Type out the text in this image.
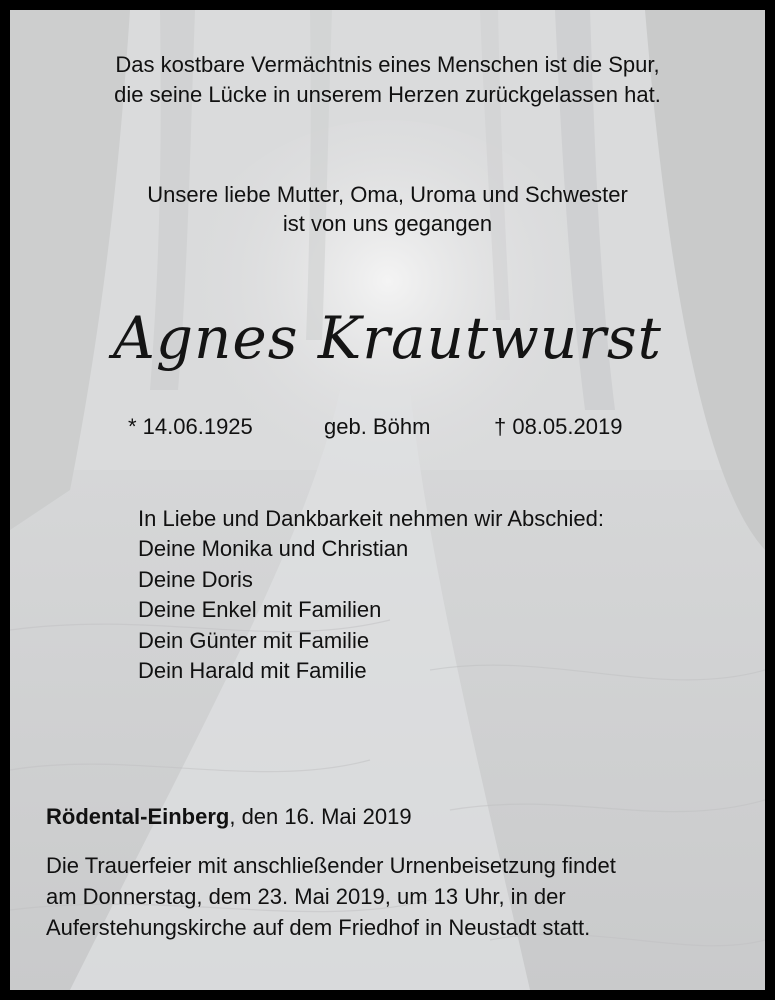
Das kostbare Vermächtnis eines Menschen ist die Spur,
die seine Lücke in unserem Herzen zurückgelassen hat.
Unsere liebe Mutter, Oma, Uroma und Schwester
ist von uns gegangen
Agnes Krautwurst
* 14.06.1925	geb. Böhm	† 08.05.2019
In Liebe und Dankbarkeit nehmen wir Abschied:
Deine Monika und Christian
Deine Doris
Deine Enkel mit Familien
Dein Günter mit Familie
Dein Harald mit Familie
Rödental-Einberg, den 16. Mai 2019
Die Trauerfeier mit anschließender Urnenbeisetzung findet
am Donnerstag, dem 23. Mai 2019, um 13 Uhr, in der
Auferstehungskirche auf dem Friedhof in Neustadt statt.
